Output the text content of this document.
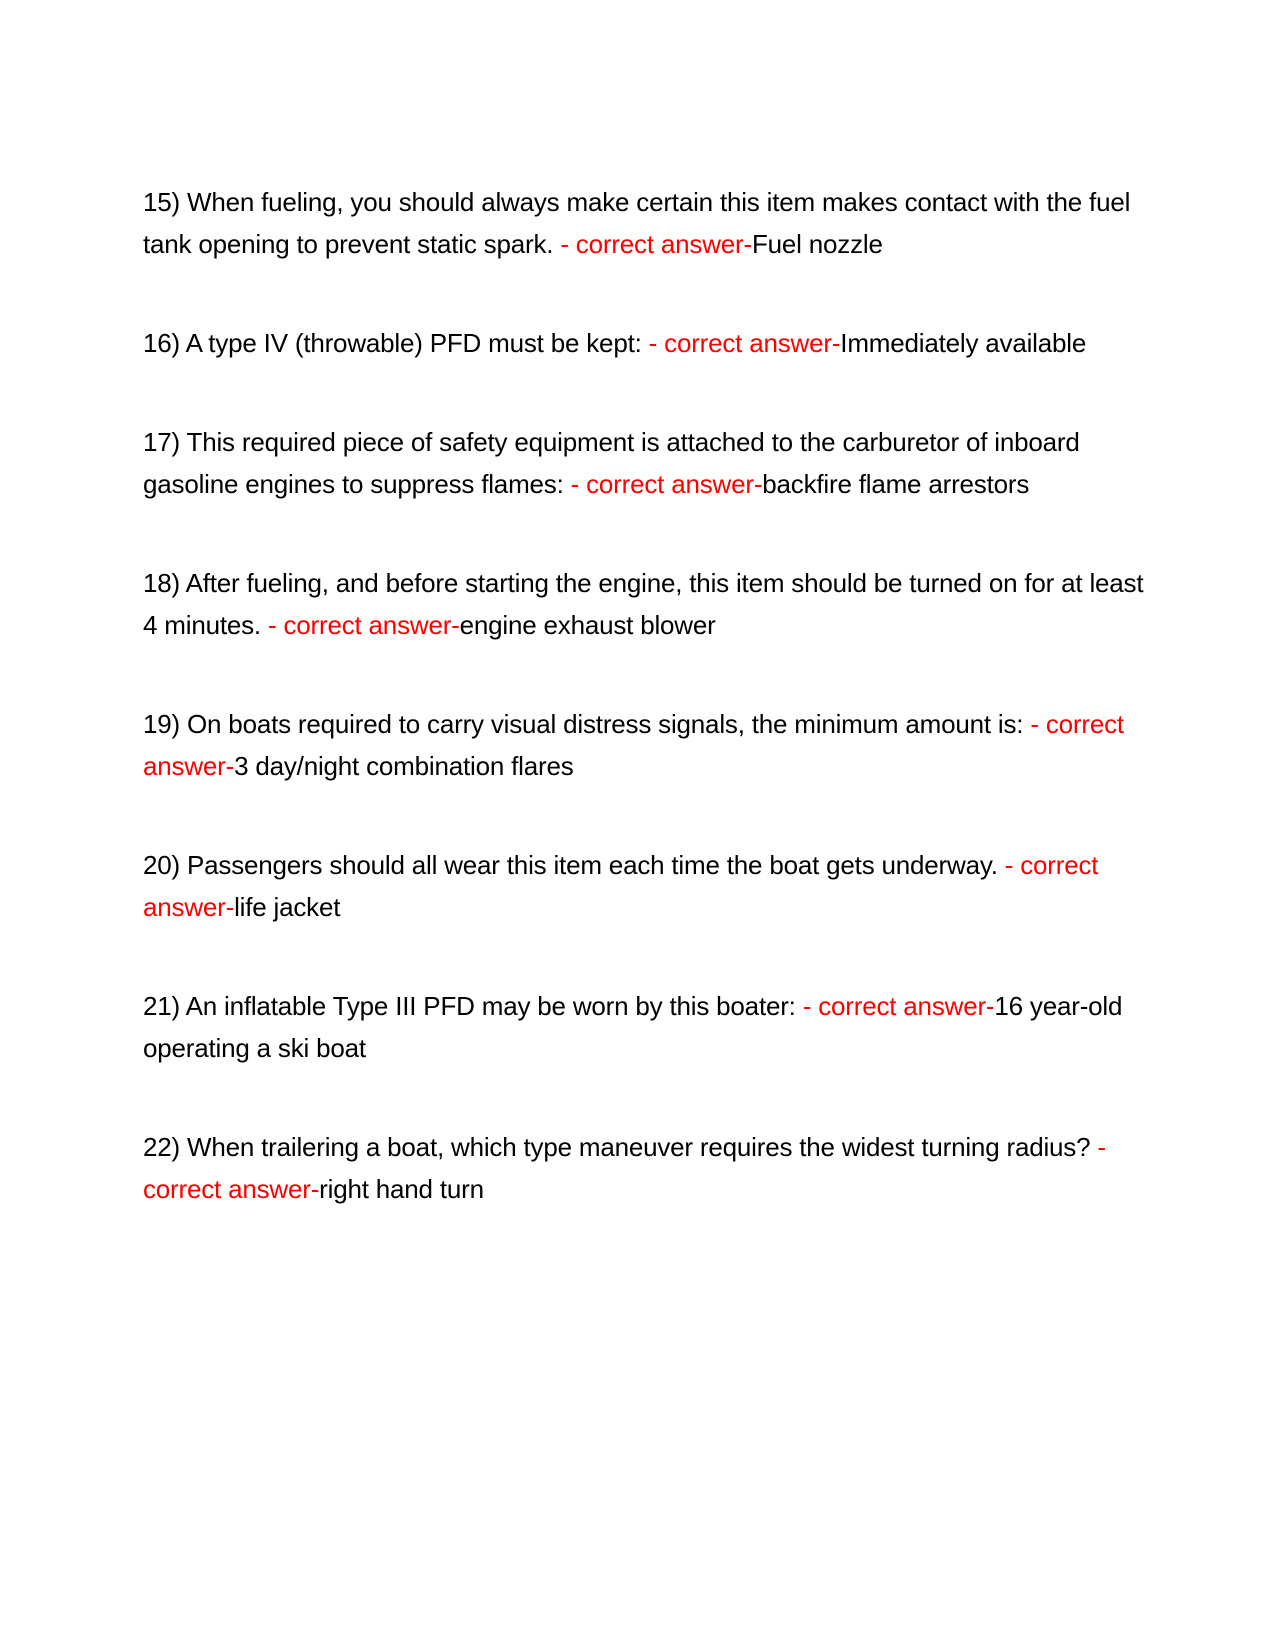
15) When fueling, you should always make certain this item makes contact with the fuel tank opening to prevent static spark. - correct answer-Fuel nozzle

16) A type IV (throwable) PFD must be kept: - correct answer-Immediately available

17) This required piece of safety equipment is attached to the carburetor of inboard gasoline engines to suppress flames: - correct answer-backfire flame arrestors

18) After fueling, and before starting the engine, this item should be turned on for at least 4 minutes. - correct answer-engine exhaust blower

19) On boats required to carry visual distress signals, the minimum amount is: - correct answer-3 day/night combination flares

20) Passengers should all wear this item each time the boat gets underway. - correct answer-life jacket

21) An inflatable Type III PFD may be worn by this boater: - correct answer-16 year-old operating a ski boat

22) When trailering a boat, which type maneuver requires the widest turning radius? - correct answer-right hand turn
